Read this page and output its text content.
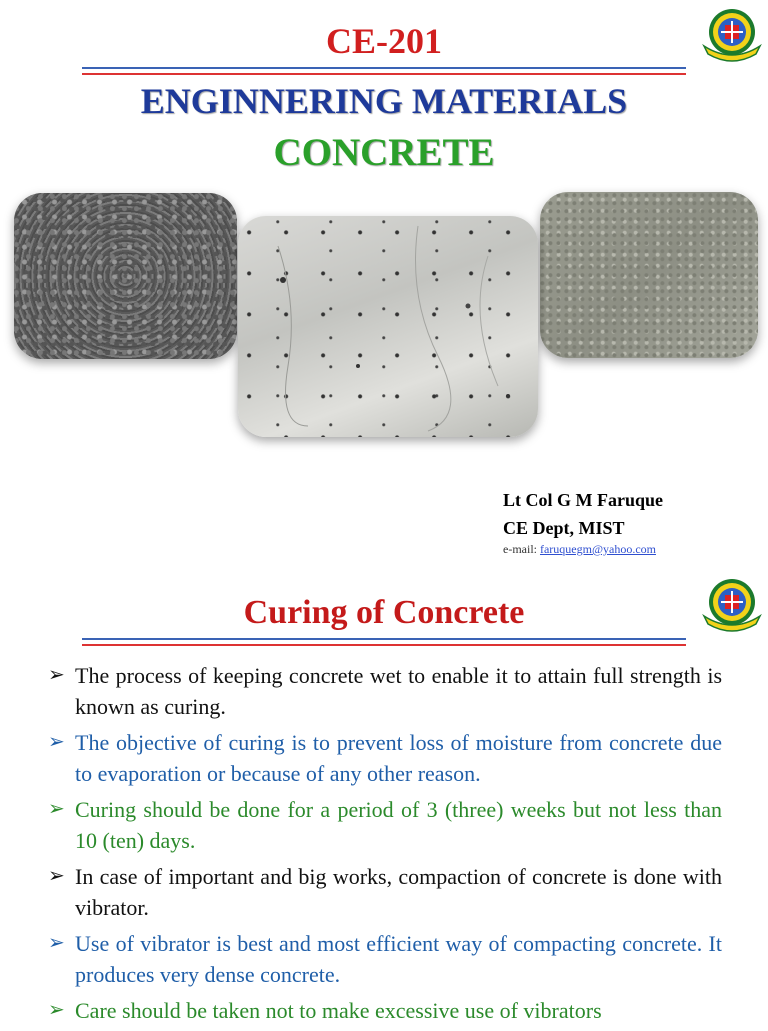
CE-201
ENGINNERING MATERIALS
CONCRETE
Lt Col G M Faruque
CE Dept, MIST
e-mail: faruquegm@yahoo.com
Curing of Concrete
➢ The process of keeping concrete wet to enable it to attain full strength is known as curing.
➢ The objective of curing is to prevent loss of moisture from concrete due to evaporation or because of any other reason.
➢ Curing should be done for a period of 3 (three) weeks but not less than 10 (ten) days.
➢ In case of important and big works, compaction of concrete is done with vibrator.
➢ Use of vibrator is best and most efficient way of compacting concrete. It produces very dense concrete.
➢ Care should be taken not to make excessive use of vibrators
